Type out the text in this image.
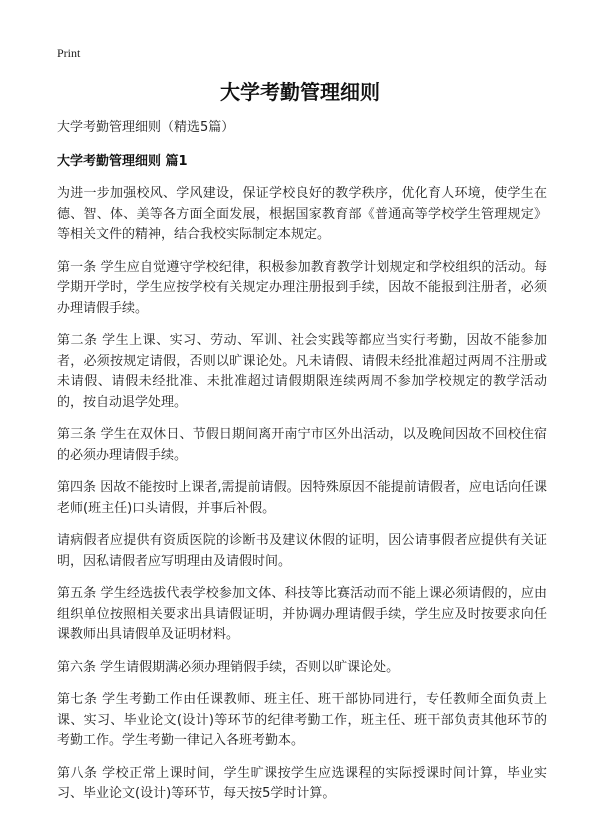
Print
大学考勤管理细则

大学考勤管理细则（精选5篇）

大学考勤管理细则 篇1

为进一步加强校风、学风建设，保证学校良好的教学秩序，优化育人环境，使学生在德、智、体、美等各方面全面发展，根据国家教育部《普通高等学校学生管理规定》等相关文件的精神，结合我校实际制定本规定。

第一条 学生应自觉遵守学校纪律，积极参加教育教学计划规定和学校组织的活动。每学期开学时，学生应按学校有关规定办理注册报到手续，因故不能报到注册者，必须办理请假手续。

第二条 学生上课、实习、劳动、军训、社会实践等都应当实行考勤，因故不能参加者，必须按规定请假，否则以旷课论处。凡未请假、请假未经批准超过两周不注册或未请假、请假未经批准、未批准超过请假期限连续两周不参加学校规定的教学活动的，按自动退学处理。

第三条 学生在双休日、节假日期间离开南宁市区外出活动，以及晚间因故不回校住宿的必须办理请假手续。

第四条 因故不能按时上课者,需提前请假。因特殊原因不能提前请假者，应电话向任课老师(班主任)口头请假，并事后补假。

请病假者应提供有资质医院的诊断书及建议休假的证明，因公请事假者应提供有关证明，因私请假者应写明理由及请假时间。

第五条 学生经选拔代表学校参加文体、科技等比赛活动而不能上课必须请假的，应由组织单位按照相关要求出具请假证明，并协调办理请假手续，学生应及时按要求向任课教师出具请假单及证明材料。

第六条 学生请假期满必须办理销假手续，否则以旷课论处。

第七条 学生考勤工作由任课教师、班主任、班干部协同进行，专任教师全面负责上课、实习、毕业论文(设计)等环节的纪律考勤工作，班主任、班干部负责其他环节的考勤工作。学生考勤一律记入各班考勤本。

第八条 学校正常上课时间，学生旷课按学生应选课程的实际授课时间计算，毕业实习、毕业论文(设计)等环节，每天按5学时计算。
